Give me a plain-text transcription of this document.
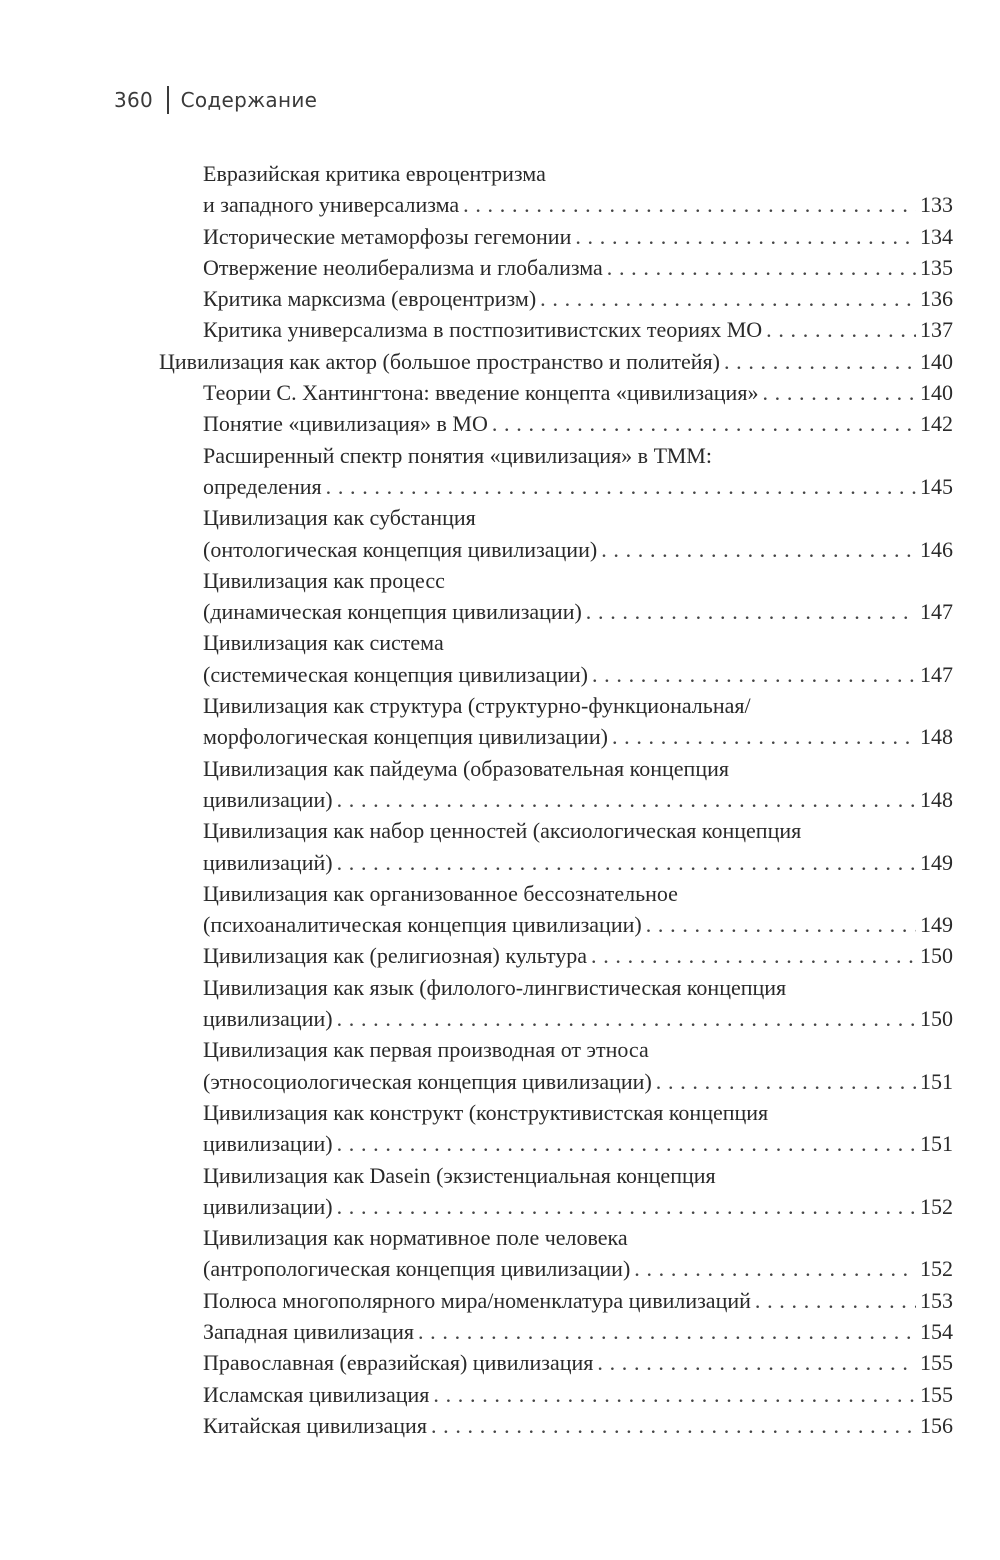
360 Содержание
Евразийская критика евроцентризма
и западного универсализма . . .	133
Исторические метаморфозы гегемонии . . .	134
Отвержение неолиберализма и глобализма . . .	135
Критика марксизма (евроцентризм) . . .	136
Критика универсализма в постпозитивистских теориях МО . . .	137
Цивилизация как актор (большое пространство и политейя) . . .	140
Теории С. Хантингтона: введение концепта «цивилизация» . . .	140
Понятие «цивилизация» в МО . . .	142
Расширенный спектр понятия «цивилизация» в ТММ:
определения . . .	145
Цивилизация как субстанция
(онтологическая концепция цивилизации) . . .	146
Цивилизация как процесс
(динамическая концепция цивилизации) . . .	147
Цивилизация как система
(системическая концепция цивилизации) . . .	147
Цивилизация как структура (структурно-функциональная/
морфологическая концепция цивилизации) . . .	148
Цивилизация как пайдеума (образовательная концепция
цивилизации) . . .	148
Цивилизация как набор ценностей (аксиологическая концепция
цивилизаций) . . .	149
Цивилизация как организованное бессознательное
(психоаналитическая концепция цивилизации) . . .	149
Цивилизация как (религиозная) культура . . .	150
Цивилизация как язык (филолого-лингвистическая концепция
цивилизации) . . .	150
Цивилизация как первая производная от этноса
(этносоциологическая концепция цивилизации) . . .	151
Цивилизация как конструкт (конструктивистская концепция
цивилизации) . . .	151
Цивилизация как Dasein (экзистенциальная концепция
цивилизации) . . .	152
Цивилизация как нормативное поле человека
(антропологическая концепция цивилизации) . . .	152
Полюса многополярного мира/номенклатура цивилизаций . . .	153
Западная цивилизация . . .	154
Православная (евразийская) цивилизация . . .	155
Исламская цивилизация . . .	155
Китайская цивилизация . . .	156
